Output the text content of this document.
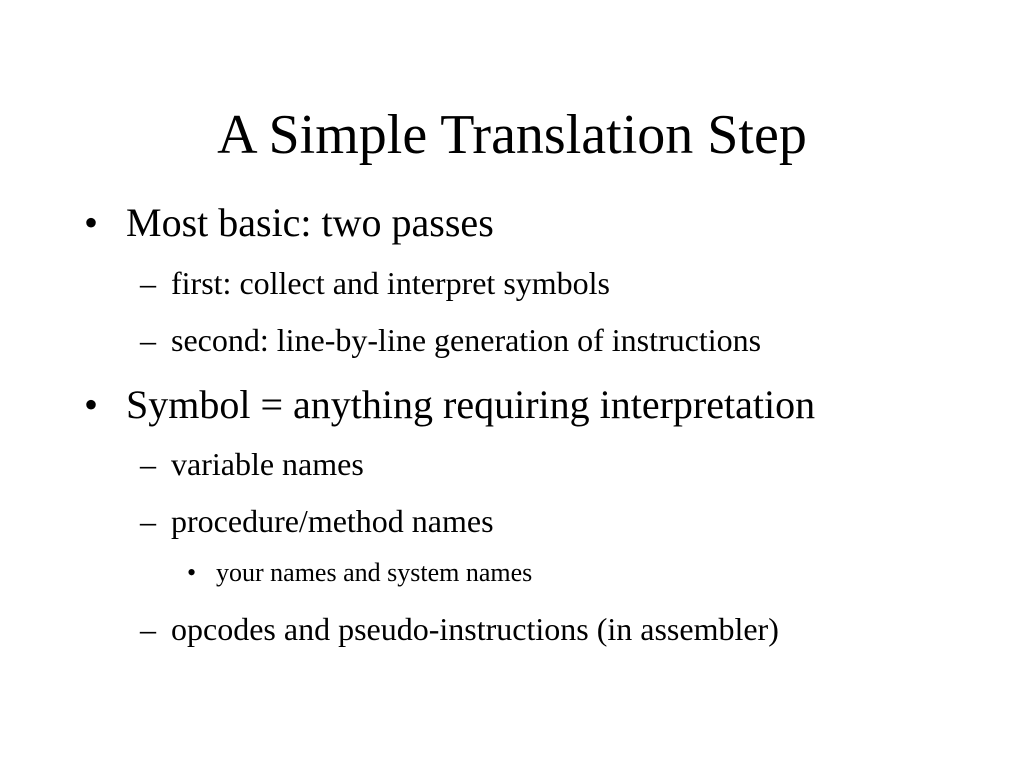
A Simple Translation Step
• Most basic: two passes
– first: collect and interpret symbols
– second: line-by-line generation of instructions
• Symbol = anything requiring interpretation
– variable names
– procedure/method names
• your names and system names
– opcodes and pseudo-instructions (in assembler)
